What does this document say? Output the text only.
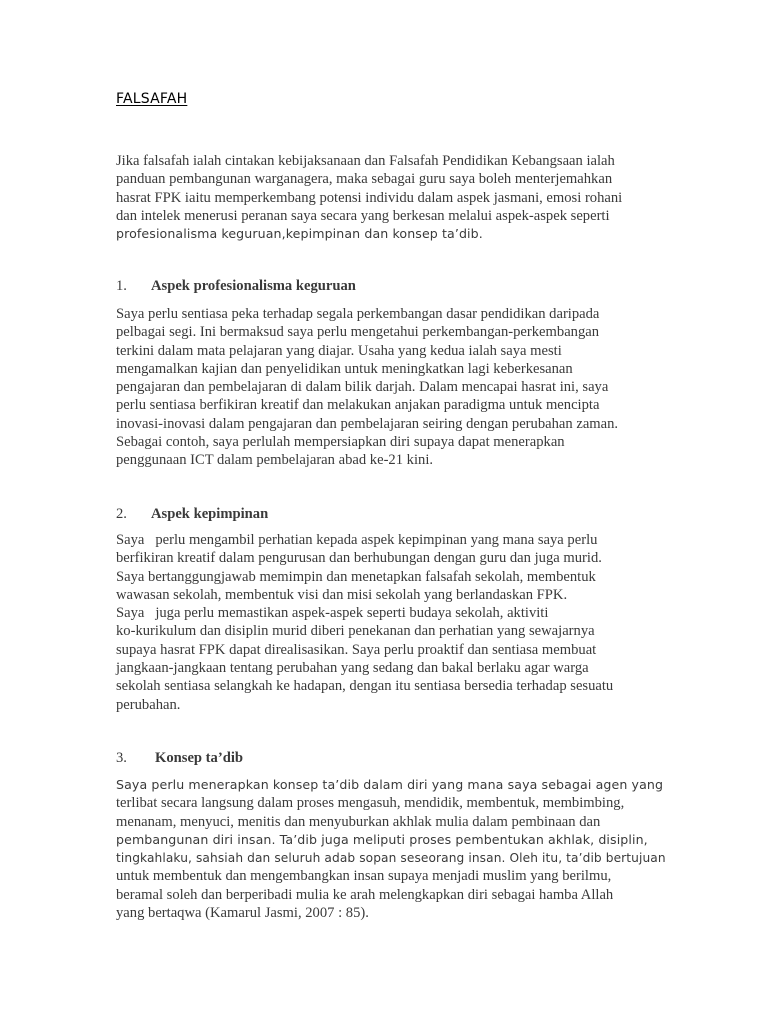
FALSAFAH

Jika falsafah ialah cintakan kebijaksanaan dan Falsafah Pendidikan Kebangsaan ialah
panduan pembangunan warganagera, maka sebagai guru saya boleh menterjemahkan
hasrat FPK iaitu memperkembang potensi individu dalam aspek jasmani, emosi rohani
dan intelek menerusi peranan saya secara yang berkesan melalui aspek-aspek seperti
profesionalisma keguruan,kepimpinan dan konsep ta’dib.

1. Aspek profesionalisma keguruan

Saya perlu sentiasa peka terhadap segala perkembangan dasar pendidikan daripada
pelbagai segi. Ini bermaksud saya perlu mengetahui perkembangan-perkembangan
terkini dalam mata pelajaran yang diajar. Usaha yang kedua ialah saya mesti
mengamalkan kajian dan penyelidikan untuk meningkatkan lagi keberkesanan
pengajaran dan pembelajaran di dalam bilik darjah. Dalam mencapai hasrat ini, saya
perlu sentiasa berfikiran kreatif dan melakukan anjakan paradigma untuk mencipta
inovasi-inovasi dalam pengajaran dan pembelajaran seiring dengan perubahan zaman.
Sebagai contoh, saya perlulah mempersiapkan diri supaya dapat menerapkan
penggunaan ICT dalam pembelajaran abad ke-21 kini.

2. Aspek kepimpinan

Saya   perlu mengambil perhatian kepada aspek kepimpinan yang mana saya perlu
berfikiran kreatif dalam pengurusan dan berhubungan dengan guru dan juga murid.
Saya bertanggungjawab memimpin dan menetapkan falsafah sekolah, membentuk
wawasan sekolah, membentuk visi dan misi sekolah yang berlandaskan FPK.
Saya   juga perlu memastikan aspek-aspek seperti budaya sekolah, aktiviti
ko-kurikulum dan disiplin murid diberi penekanan dan perhatian yang sewajarnya
supaya hasrat FPK dapat direalisasikan. Saya perlu proaktif dan sentiasa membuat
jangkaan-jangkaan tentang perubahan yang sedang dan bakal berlaku agar warga
sekolah sentiasa selangkah ke hadapan, dengan itu sentiasa bersedia terhadap sesuatu
perubahan.

3. Konsep ta’dib

Saya perlu menerapkan konsep ta’dib dalam diri yang mana saya sebagai agen yang
terlibat secara langsung dalam proses mengasuh, mendidik, membentuk, membimbing,
menanam, menyuci, menitis dan menyuburkan akhlak mulia dalam pembinaan dan
pembangunan diri insan. Ta’dib juga meliputi proses pembentukan akhlak, disiplin,
tingkahlaku, sahsiah dan seluruh adab sopan seseorang insan. Oleh itu, ta’dib bertujuan
untuk membentuk dan mengembangkan insan supaya menjadi muslim yang berilmu,
beramal soleh dan berperibadi mulia ke arah melengkapkan diri sebagai hamba Allah
yang bertaqwa (Kamarul Jasmi, 2007 : 85).
